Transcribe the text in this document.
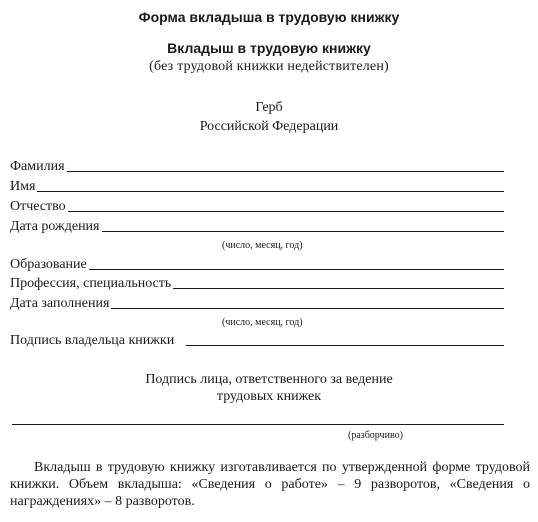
Форма вкладыша в трудовую книжку
Вкладыш в трудовую книжку
(без трудовой книжки недействителен)
Герб
Российской Федерации
Фамилия
Имя
Отчество
Дата рождения
(число, месяц, год)
Образование
Профессия, специальность
Дата заполнения
(число, месяц, год)
Подпись владельца книжки
Подпись лица, ответственного за ведение
трудовых книжек
(разборчиво)
Вкладыш в трудовую книжку изготавливается по утвержденной форме трудовой книжки. Объем вкладыша: «Сведения о работе» – 9 разворотов, «Сведения о награждениях» – 8 разворотов.
